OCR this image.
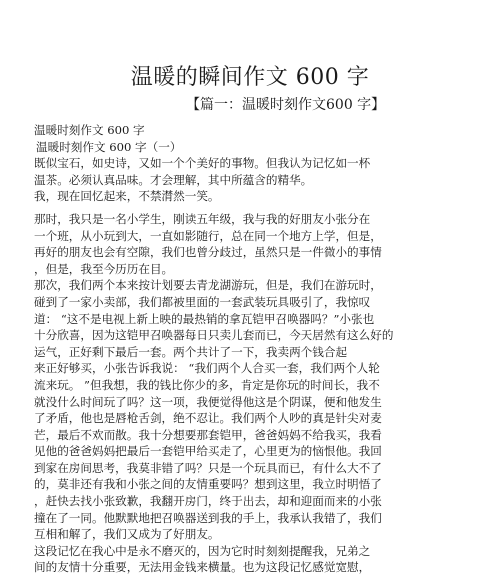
温暖的瞬间作文 600 字
【篇一：温暖时刻作文600 字】
温暖时刻作文 600 字
温暖时刻作文 600 字（一）
既似宝石，如史诗，又如一个个美好的事物。但我认为记忆如一杯
温茶。必须认真品味。才会理解，其中所蕴含的精华。
我，现在回忆起来，不禁潸然一笑。
那时，我只是一名小学生，刚读五年级，我与我的好朋友小张分在
一个班，从小玩到大，一直如影随行，总在同一个地方上学，但是，
再好的朋友也会有空隙，我们也曾分歧过，虽然只是一件微小的事情
，但是，我至今历历在目。
那次，我们两个本来按计划要去青龙湖游玩，但是，我们在游玩时，
碰到了一家小卖部，我们都被里面的一套武装玩具吸引了，我惊叹
道： “这不是电视上新上映的最热销的拿瓦铠甲召唤器吗？”小张也
十分欣喜，因为这铠甲召唤器每日只卖儿套而已，今天居然有这么好的
运气，正好剩下最后一套。两个共计了一下，我卖两个钱合起
来正好够买，小张告诉我说： “我们两个人合买一套，我们两个人轮
流来玩。 ”但我想，我的钱比你少的多，肯定是你玩的时间长，我不
就没什么时间玩了吗？这一项，我便觉得他这是个阴谋，便和他发生
了矛盾，他也是唇枪舌剑，绝不忍让。我们两个人吵的真是针尖对麦
芒，最后不欢而散。我十分想要那套铠甲，爸爸妈妈不给我买，我看
见他的爸爸妈妈把最后一套铠甲给买走了，心里更为的恼恨他。我回
到家在房间思考，我莫非错了吗？只是一个玩具而已，有什么大不了
的，莫非还有我和小张之间的友情重要吗？想到这里，我立时明悟了
，赶快去找小张致歉，我翻开房门，终于出去，却和迎面而来的小张
撞在了一同。他默默地把召唤器送到我的手上，我承认我错了，我们
互相和解了，我们又成为了好朋友。
这段记忆在我心中是永不磨灭的，因为它时时刻刻提醒我，兄弟之
间的友情十分重要，无法用金钱来横量。也为这段记忆感觉宽慰，
